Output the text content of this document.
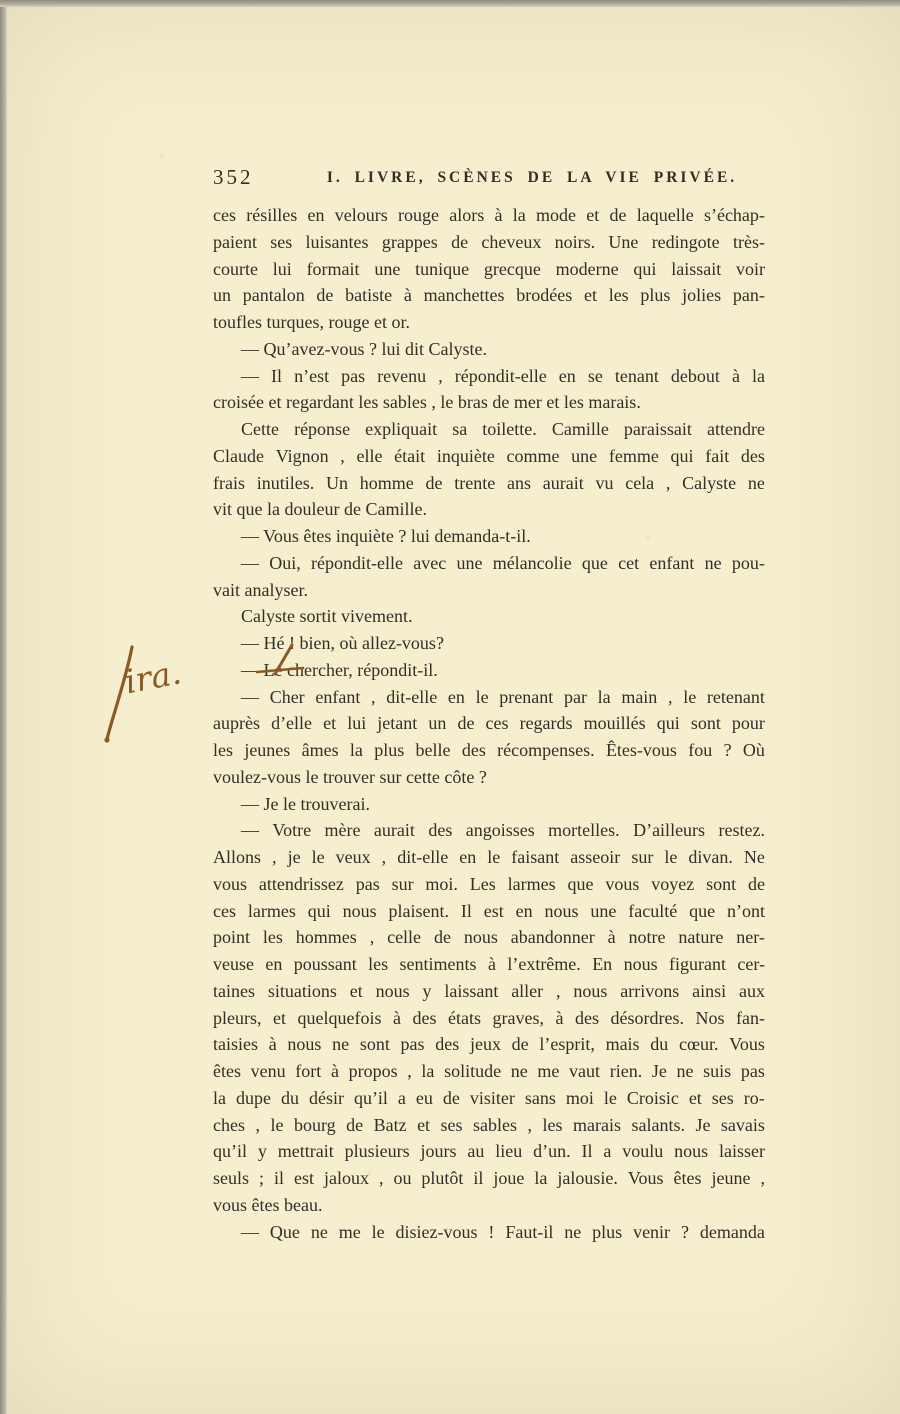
352	I. LIVRE, SCÈNES DE LA VIE PRIVÉE.
ces résilles en velours rouge alors à la mode et de laquelle s’échap-
paient ses luisantes grappes de cheveux noirs. Une redingote très-
courte lui formait une tunique grecque moderne qui laissait voir
un pantalon de batiste à manchettes brodées et les plus jolies pan-
toufles turques, rouge et or.
— Qu’avez-vous ? lui dit Calyste.
— Il n’est pas revenu , répondit-elle en se tenant debout à la
croisée et regardant les sables , le bras de mer et les marais.
Cette réponse expliquait sa toilette. Camille paraissait attendre
Claude Vignon , elle était inquiète comme une femme qui fait des
frais inutiles. Un homme de trente ans aurait vu cela , Calyste ne
vit que la douleur de Camille.
— Vous êtes inquiète ? lui demanda-t-il.
— Oui, répondit-elle avec une mélancolie que cet enfant ne pou-
vait analyser.
Calyste sortit vivement.
— Hé ! bien, où allez-vous?
— Le chercher, répondit-il.
— Cher enfant , dit-elle en le prenant par la main , le retenant
auprès d’elle et lui jetant un de ces regards mouillés qui sont pour
les jeunes âmes la plus belle des récompenses. Êtes-vous fou ? Où
voulez-vous le trouver sur cette côte ?
— Je le trouverai.
— Votre mère aurait des angoisses mortelles. D’ailleurs restez.
Allons , je le veux , dit-elle en le faisant asseoir sur le divan. Ne
vous attendrissez pas sur moi. Les larmes que vous voyez sont de
ces larmes qui nous plaisent. Il est en nous une faculté que n’ont
point les hommes , celle de nous abandonner à notre nature ner-
veuse en poussant les sentiments à l’extrême. En nous figurant cer-
taines situations et nous y laissant aller , nous arrivons ainsi aux
pleurs, et quelquefois à des états graves, à des désordres. Nos fan-
taisies à nous ne sont pas des jeux de l’esprit, mais du cœur. Vous
êtes venu fort à propos , la solitude ne me vaut rien. Je ne suis pas
la dupe du désir qu’il a eu de visiter sans moi le Croisic et ses ro-
ches , le bourg de Batz et ses sables , les marais salants. Je savais
qu’il y mettrait plusieurs jours au lieu d’un. Il a voulu nous laisser
seuls ; il est jaloux , ou plutôt il joue la jalousie. Vous êtes jeune ,
vous êtes beau.
— Que ne me le disiez-vous ! Faut-il ne plus venir ? demanda
ira.
